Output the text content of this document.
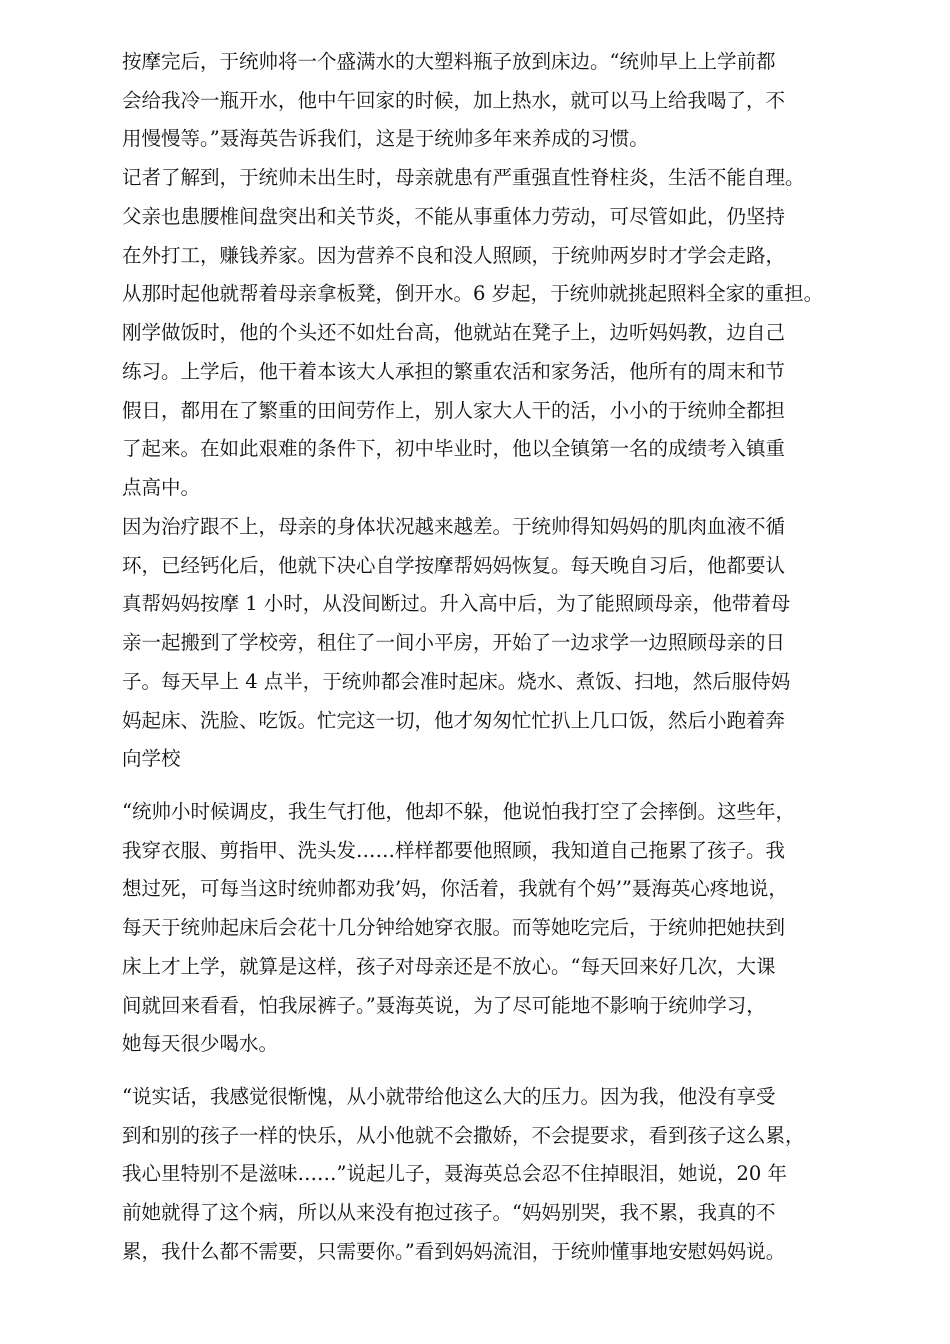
按摩完后，于统帅将一个盛满水的大塑料瓶子放到床边。“统帅早上上学前都
会给我冷一瓶开水，他中午回家的时候，加上热水，就可以马上给我喝了，不
用慢慢等。”聂海英告诉我们，这是于统帅多年来养成的习惯。
记者了解到，于统帅未出生时，母亲就患有严重强直性脊柱炎，生活不能自理。
父亲也患腰椎间盘突出和关节炎，不能从事重体力劳动，可尽管如此，仍坚持
在外打工，赚钱养家。因为营养不良和没人照顾，于统帅两岁时才学会走路，
从那时起他就帮着母亲拿板凳，倒开水。6 岁起，于统帅就挑起照料全家的重担。
刚学做饭时，他的个头还不如灶台高，他就站在凳子上，边听妈妈教，边自己
练习。上学后，他干着本该大人承担的繁重农活和家务活，他所有的周末和节
假日，都用在了繁重的田间劳作上，别人家大人干的活，小小的于统帅全都担
了起来。在如此艰难的条件下，初中毕业时，他以全镇第一名的成绩考入镇重
点高中。
因为治疗跟不上，母亲的身体状况越来越差。于统帅得知妈妈的肌肉血液不循
环，已经钙化后，他就下决心自学按摩帮妈妈恢复。每天晚自习后，他都要认
真帮妈妈按摩 1 小时，从没间断过。升入高中后，为了能照顾母亲，他带着母
亲一起搬到了学校旁，租住了一间小平房，开始了一边求学一边照顾母亲的日
子。每天早上 4 点半，于统帅都会准时起床。烧水、煮饭、扫地，然后服侍妈
妈起床、洗脸、吃饭。忙完这一切，他才匆匆忙忙扒上几口饭，然后小跑着奔
向学校
“统帅小时候调皮，我生气打他，他却不躲，他说怕我打空了会摔倒。这些年，
我穿衣服、剪指甲、洗头发……样样都要他照顾，我知道自己拖累了孩子。我
想过死，可每当这时统帅都劝我’妈，你活着，我就有个妈’”聂海英心疼地说，
每天于统帅起床后会花十几分钟给她穿衣服。而等她吃完后，于统帅把她扶到
床上才上学，就算是这样，孩子对母亲还是不放心。“每天回来好几次，大课
间就回来看看，怕我尿裤子。”聂海英说，为了尽可能地不影响于统帅学习，
她每天很少喝水。
“说实话，我感觉很惭愧，从小就带给他这么大的压力。因为我，他没有享受
到和别的孩子一样的快乐，从小他就不会撒娇，不会提要求，看到孩子这么累，
我心里特别不是滋味……”说起儿子，聂海英总会忍不住掉眼泪，她说，20 年
前她就得了这个病，所以从来没有抱过孩子。“妈妈别哭，我不累，我真的不
累，我什么都不需要，只需要你。”看到妈妈流泪，于统帅懂事地安慰妈妈说。
